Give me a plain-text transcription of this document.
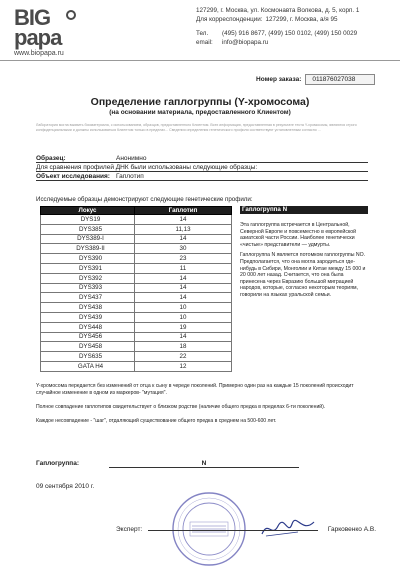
BIG
papa
www.biopapa.ru
127299, г. Москва, ул. Космонавта Волкова, д. 5, корп. 1
Для корреспонденции: 127299, г. Москва, а/я 95
Тел.	(495) 916 8677, (499) 150 0102, (499) 150 0029
email:	info@biopapa.ru
Номер заказа:	011876027038
Определение гаплогруппы (Y-хромосома)
(на основании материала, предоставленного Клиентом)
Лаборатория могла выявить биоматериала, с использованием, образцов, предоставленного Клиентом. Всех информация, предоставленная в результате теста Y-хромосомы, являются строго конфиденциальными и должны использоваться Клиентом только в пределах... Сведения определения генетического профиля соответствуют установленным согласно ...
Образец:	Анонимно
Для сравнения профилей ДНК были использованы следующие образцы:
Объект исследования: Гаплотип
Исследуемые образцы демонстрируют следующие генетические профили:
Локус	Гаплотип
DYS19	14
DYS385	11,13
DYS389-I	14
DYS389-II	30
DYS390	23
DYS391	11
DYS392	14
DYS393	14
DYS437	14
DYS438	10
DYS439	10
DYS448	19
DYS456	14
DYS458	18
DYS635	22
GATA H4	12
Гаплогруппа N

Эта гаплогруппа встречается в Центральной, Северной Европе и повсеместно в европейской азиатской части России. Наиболее генетически «чистые» представители — удмурты.

Гаплогруппа N является потомком гаплогруппы NO. Предполагается, что она могла зародиться где-нибудь в Сибири, Монголии и Китае между 15 000 и 20 000 лет назад. Считается, что она была принесена через Евразию большой миграцией народов, которые, согласно некоторым теориям, говорили на языках уральской семьи.

Y-хромосома передается без изменений от отца к сыну в череде поколений. Примерно один раз на каждые 15 поколений происходит случайное изменение в одном из маркеров- "мутация".

Полное совпадение гаплотипов свидетельствует о близком родстве (наличие общего предка в пределах 6-ти поколений).

Каждое несовпадение - "шаг", отдаляющий существование общего предка в среднем на 500-600 лет.

Гаплогруппа:	N
09 сентября 2010 г.
Эксперт:	Гарковенко А.В.
